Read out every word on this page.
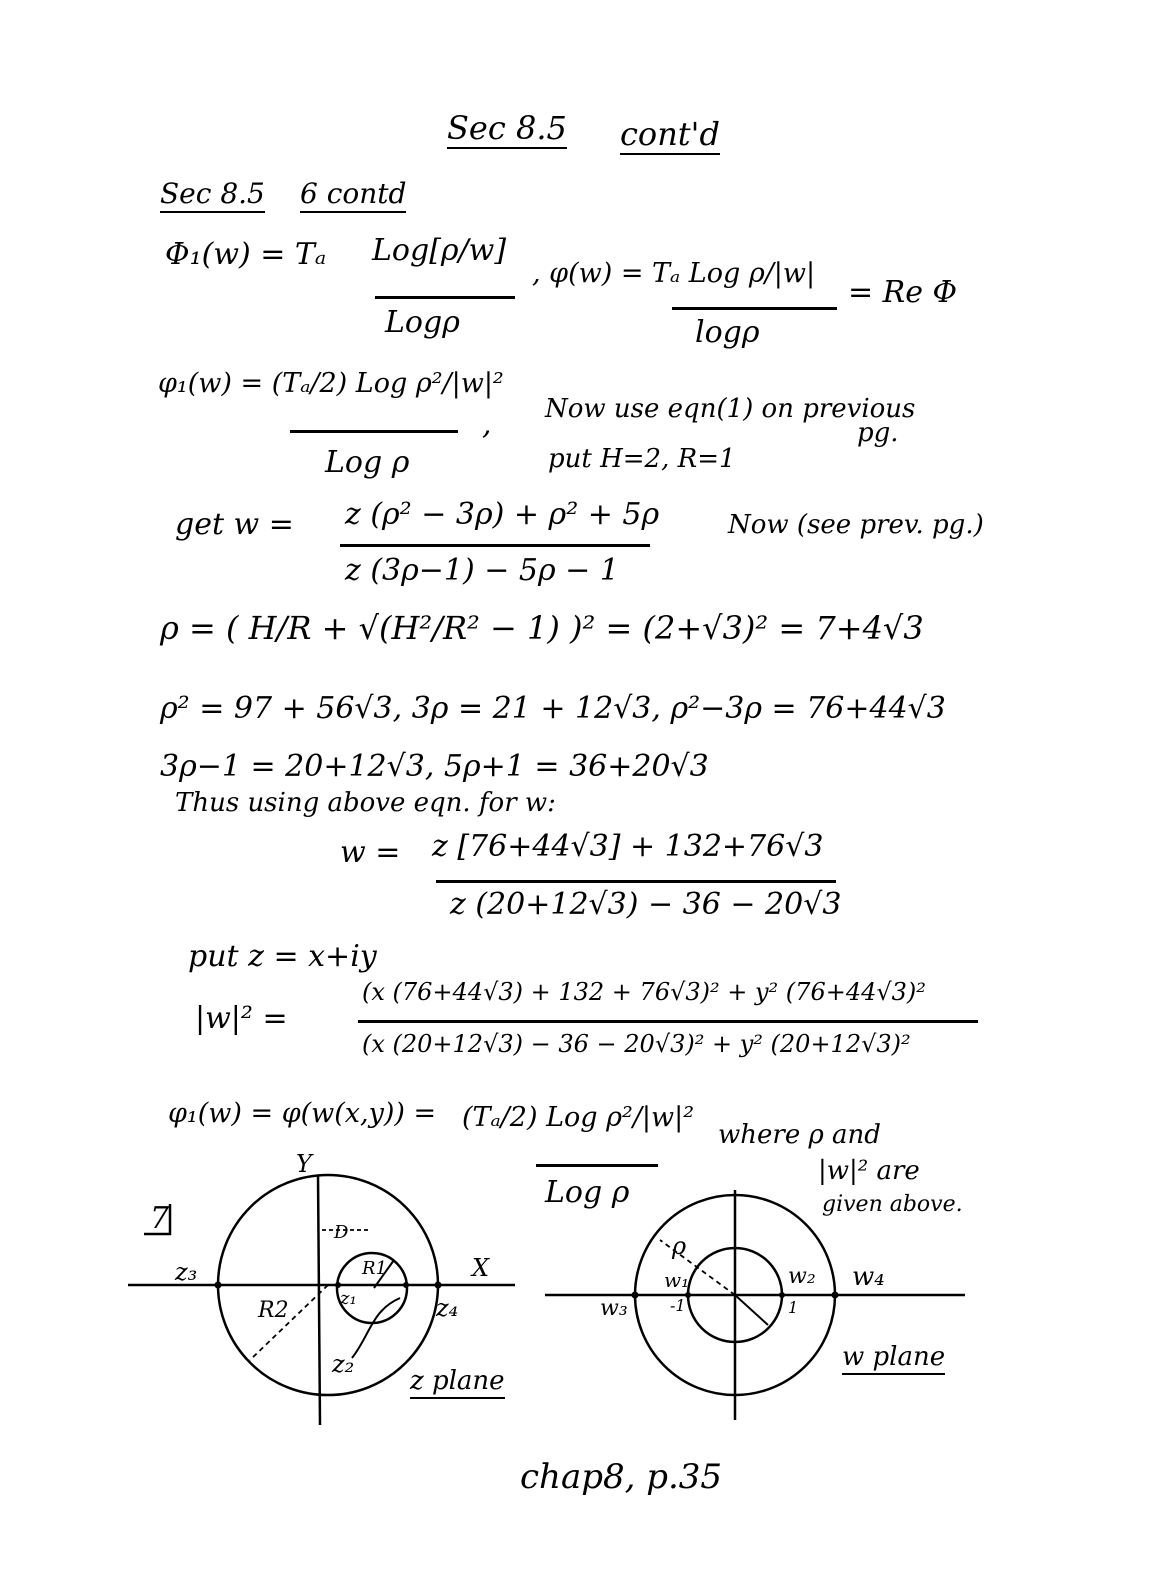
Sec 8.5 cont'd
Sec 8.5 6 contd
Φ₁(w) = Tₐ Log[ρ/w]
Logρ
, φ(w) = Tₐ Log ρ/|w|
logρ
= Re Φ
φ₁(w) = (Tₐ/2) Log ρ²/|w|²
Log ρ
, Now use eqn(1) on previous
pg.
put H=2, R=1
get w = z (ρ² − 3ρ) + ρ² + 5ρ
z (3ρ−1) − 5ρ − 1
Now (see prev. pg.)
ρ = ( H/R + √(H²/R² − 1) )² = (2+√3)² = 7+4√3
ρ² = 97 + 56√3, 3ρ = 21 + 12√3, ρ²−3ρ = 76+44√3
3ρ−1 = 20+12√3, 5ρ+1 = 36+20√3
Thus using above eqn. for w:
w = z [76+44√3] + 132+76√3
z (20+12√3) − 36 − 20√3
put z = x+iy
|w|² =
(x (76+44√3) + 132 + 76√3)² + y² (76+44√3)²
(x (20+12√3) − 36 − 20√3)² + y² (20+12√3)²
φ₁(w) = φ(w(x,y)) = (Tₐ/2) Log ρ²/|w|²
Log ρ
where ρ and
|w|² are
given above.
7
Y
X
z₃
z₄
z₁
z₂
R1
R2
D
z plane
ρ
w₁	w₂
w₃
w₄
-1	1
w plane
chap8, p.35
